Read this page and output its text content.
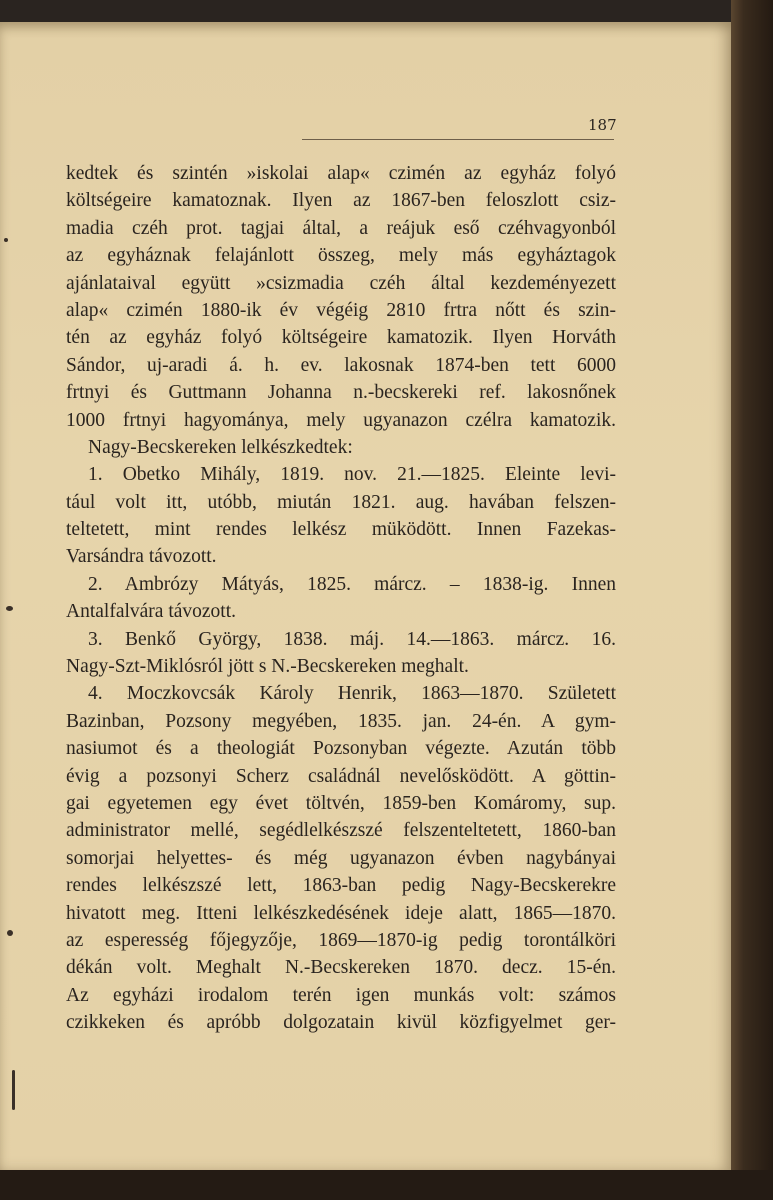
187
kedtek és szintén »iskolai alap« czimén az egyház folyó
költségeire kamatoznak. Ilyen az 1867-ben feloszlott csiz-
madia czéh prot. tagjai által, a reájuk eső czéhvagyonból
az egyháznak felajánlott összeg, mely más egyháztagok
ajánlataival együtt »csizmadia czéh által kezdeményezett
alap« czimén 1880-ik év végéig 2810 frtra nőtt és szin-
tén az egyház folyó költségeire kamatozik. Ilyen Horváth
Sándor, uj-aradi á. h. ev. lakosnak 1874-ben tett 6000
frtnyi és Guttmann Johanna n.-becskereki ref. lakosnőnek
1000 frtnyi hagyománya, mely ugyanazon czélra kamatozik.
Nagy-Becskereken lelkészkedtek:
1. Obetko Mihály, 1819. nov. 21.—1825. Eleinte levi-
tául volt itt, utóbb, miután 1821. aug. havában felszen-
teltetett, mint rendes lelkész müködött. Innen Fazekas-
Varsándra távozott.
2. Ambrózy Mátyás, 1825. márcz. – 1838-ig. Innen
Antalfalvára távozott.
3. Benkő György, 1838. máj. 14.—1863. márcz. 16.
Nagy-Szt-Miklósról jött s N.-Becskereken meghalt.
4. Moczkovcsák Károly Henrik, 1863—1870. Született
Bazinban, Pozsony megyében, 1835. jan. 24-én. A gym-
nasiumot és a theologiát Pozsonyban végezte. Azután több
évig a pozsonyi Scherz családnál nevelősködött. A göttin-
gai egyetemen egy évet töltvén, 1859-ben Komáromy, sup.
administrator mellé, segédlelkészszé felszenteltetett, 1860-ban
somorjai helyettes- és még ugyanazon évben nagybányai
rendes lelkészszé lett, 1863-ban pedig Nagy-Becskerekre
hivatott meg. Itteni lelkészkedésének ideje alatt, 1865—1870.
az esperesség főjegyzője, 1869—1870-ig pedig torontálköri
dékán volt. Meghalt N.-Becskereken 1870. decz. 15-én.
Az egyházi irodalom terén igen munkás volt: számos
czikkeken és apróbb dolgozatain kivül közfigyelmet ger-
